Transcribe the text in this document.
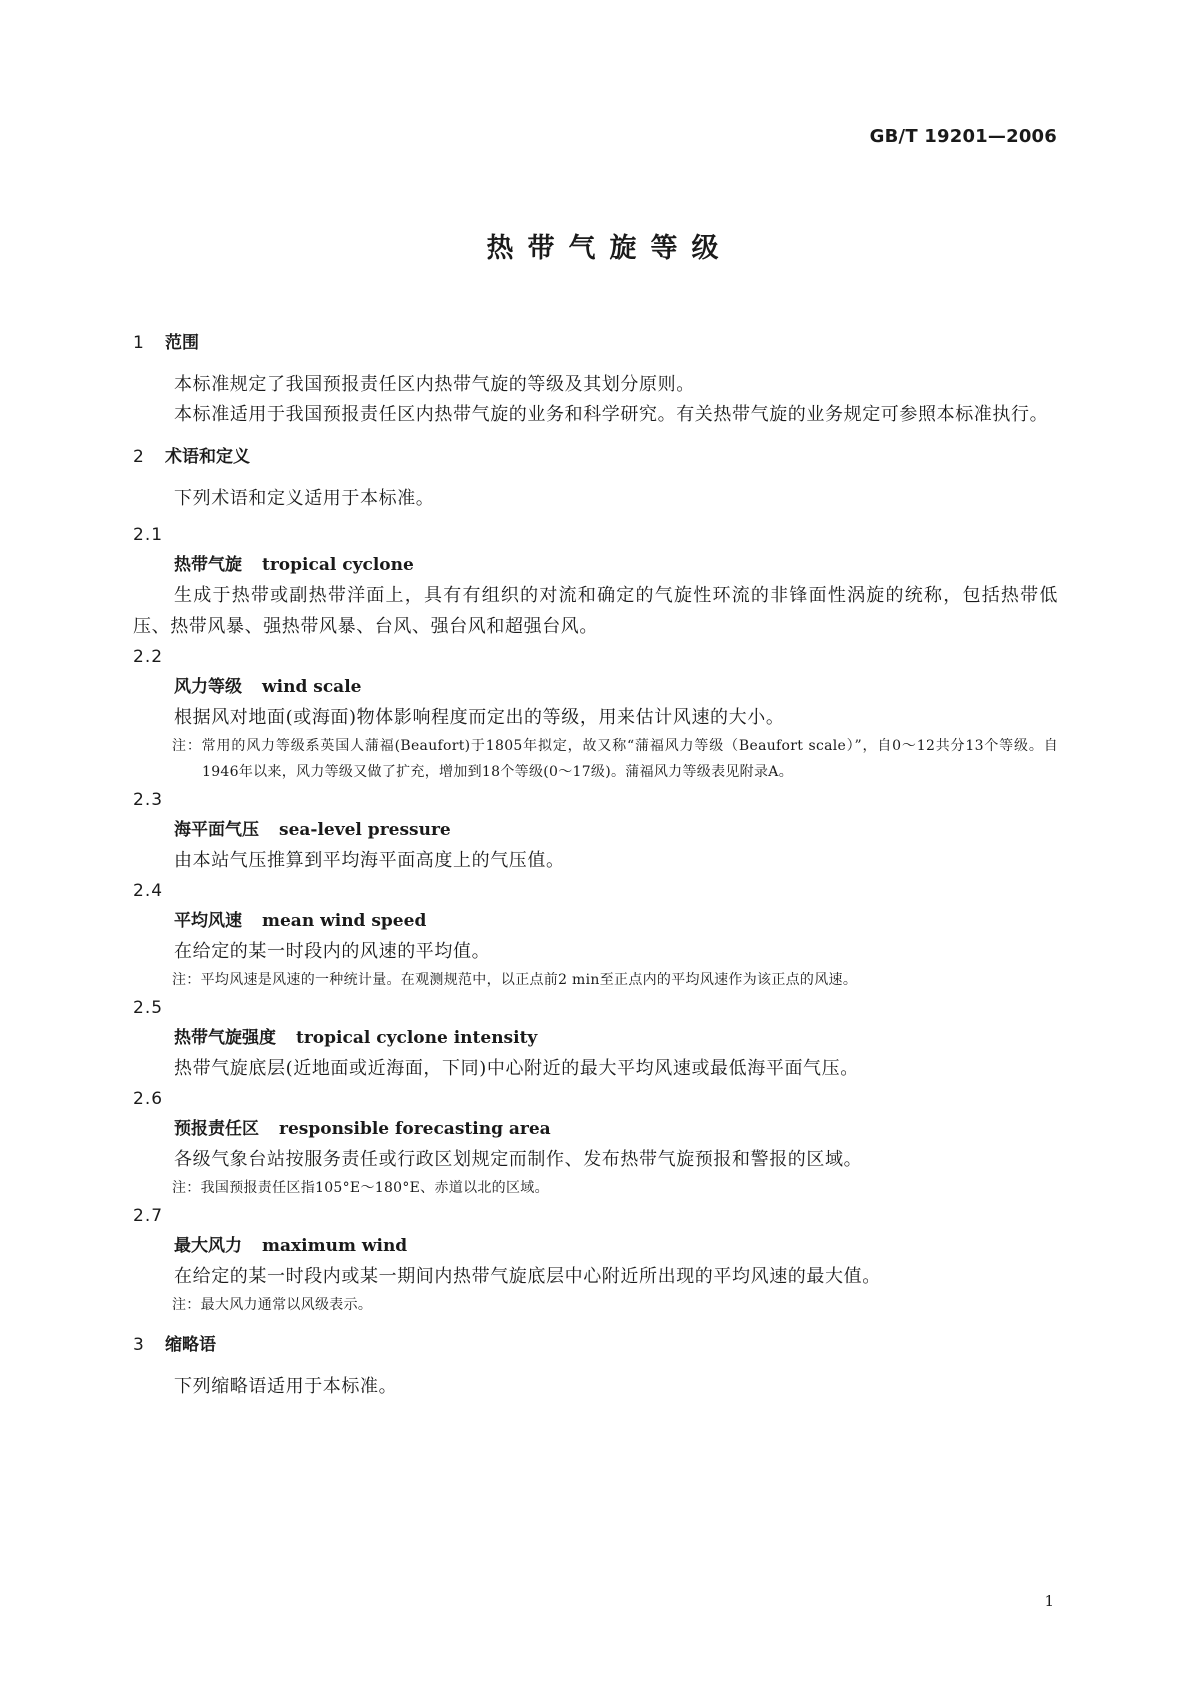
GB/T 19201—2006
热带气旋等级
1 范围
本标准规定了我国预报责任区内热带气旋的等级及其划分原则。
本标准适用于我国预报责任区内热带气旋的业务和科学研究。有关热带气旋的业务规定可参照本标准执行。
2 术语和定义
下列术语和定义适用于本标准。
2.1
热带气旋 tropical cyclone
生成于热带或副热带洋面上，具有有组织的对流和确定的气旋性环流的非锋面性涡旋的统称，包括热带低压、热带风暴、强热带风暴、台风、强台风和超强台风。
2.2
风力等级 wind scale
根据风对地面(或海面)物体影响程度而定出的等级，用来估计风速的大小。
注：常用的风力等级系英国人蒲福(Beaufort)于1805年拟定，故又称“蒲福风力等级（Beaufort scale）”，自0～12共分13个等级。自1946年以来，风力等级又做了扩充，增加到18个等级(0～17级)。蒲福风力等级表见附录A。
2.3
海平面气压 sea-level pressure
由本站气压推算到平均海平面高度上的气压值。
2.4
平均风速 mean wind speed
在给定的某一时段内的风速的平均值。
注：平均风速是风速的一种统计量。在观测规范中，以正点前2 min至正点内的平均风速作为该正点的风速。
2.5
热带气旋强度 tropical cyclone intensity
热带气旋底层(近地面或近海面，下同)中心附近的最大平均风速或最低海平面气压。
2.6
预报责任区 responsible forecasting area
各级气象台站按服务责任或行政区划规定而制作、发布热带气旋预报和警报的区域。
注：我国预报责任区指105°E～180°E、赤道以北的区域。
2.7
最大风力 maximum wind
在给定的某一时段内或某一期间内热带气旋底层中心附近所出现的平均风速的最大值。
注：最大风力通常以风级表示。
3 缩略语
下列缩略语适用于本标准。
1
